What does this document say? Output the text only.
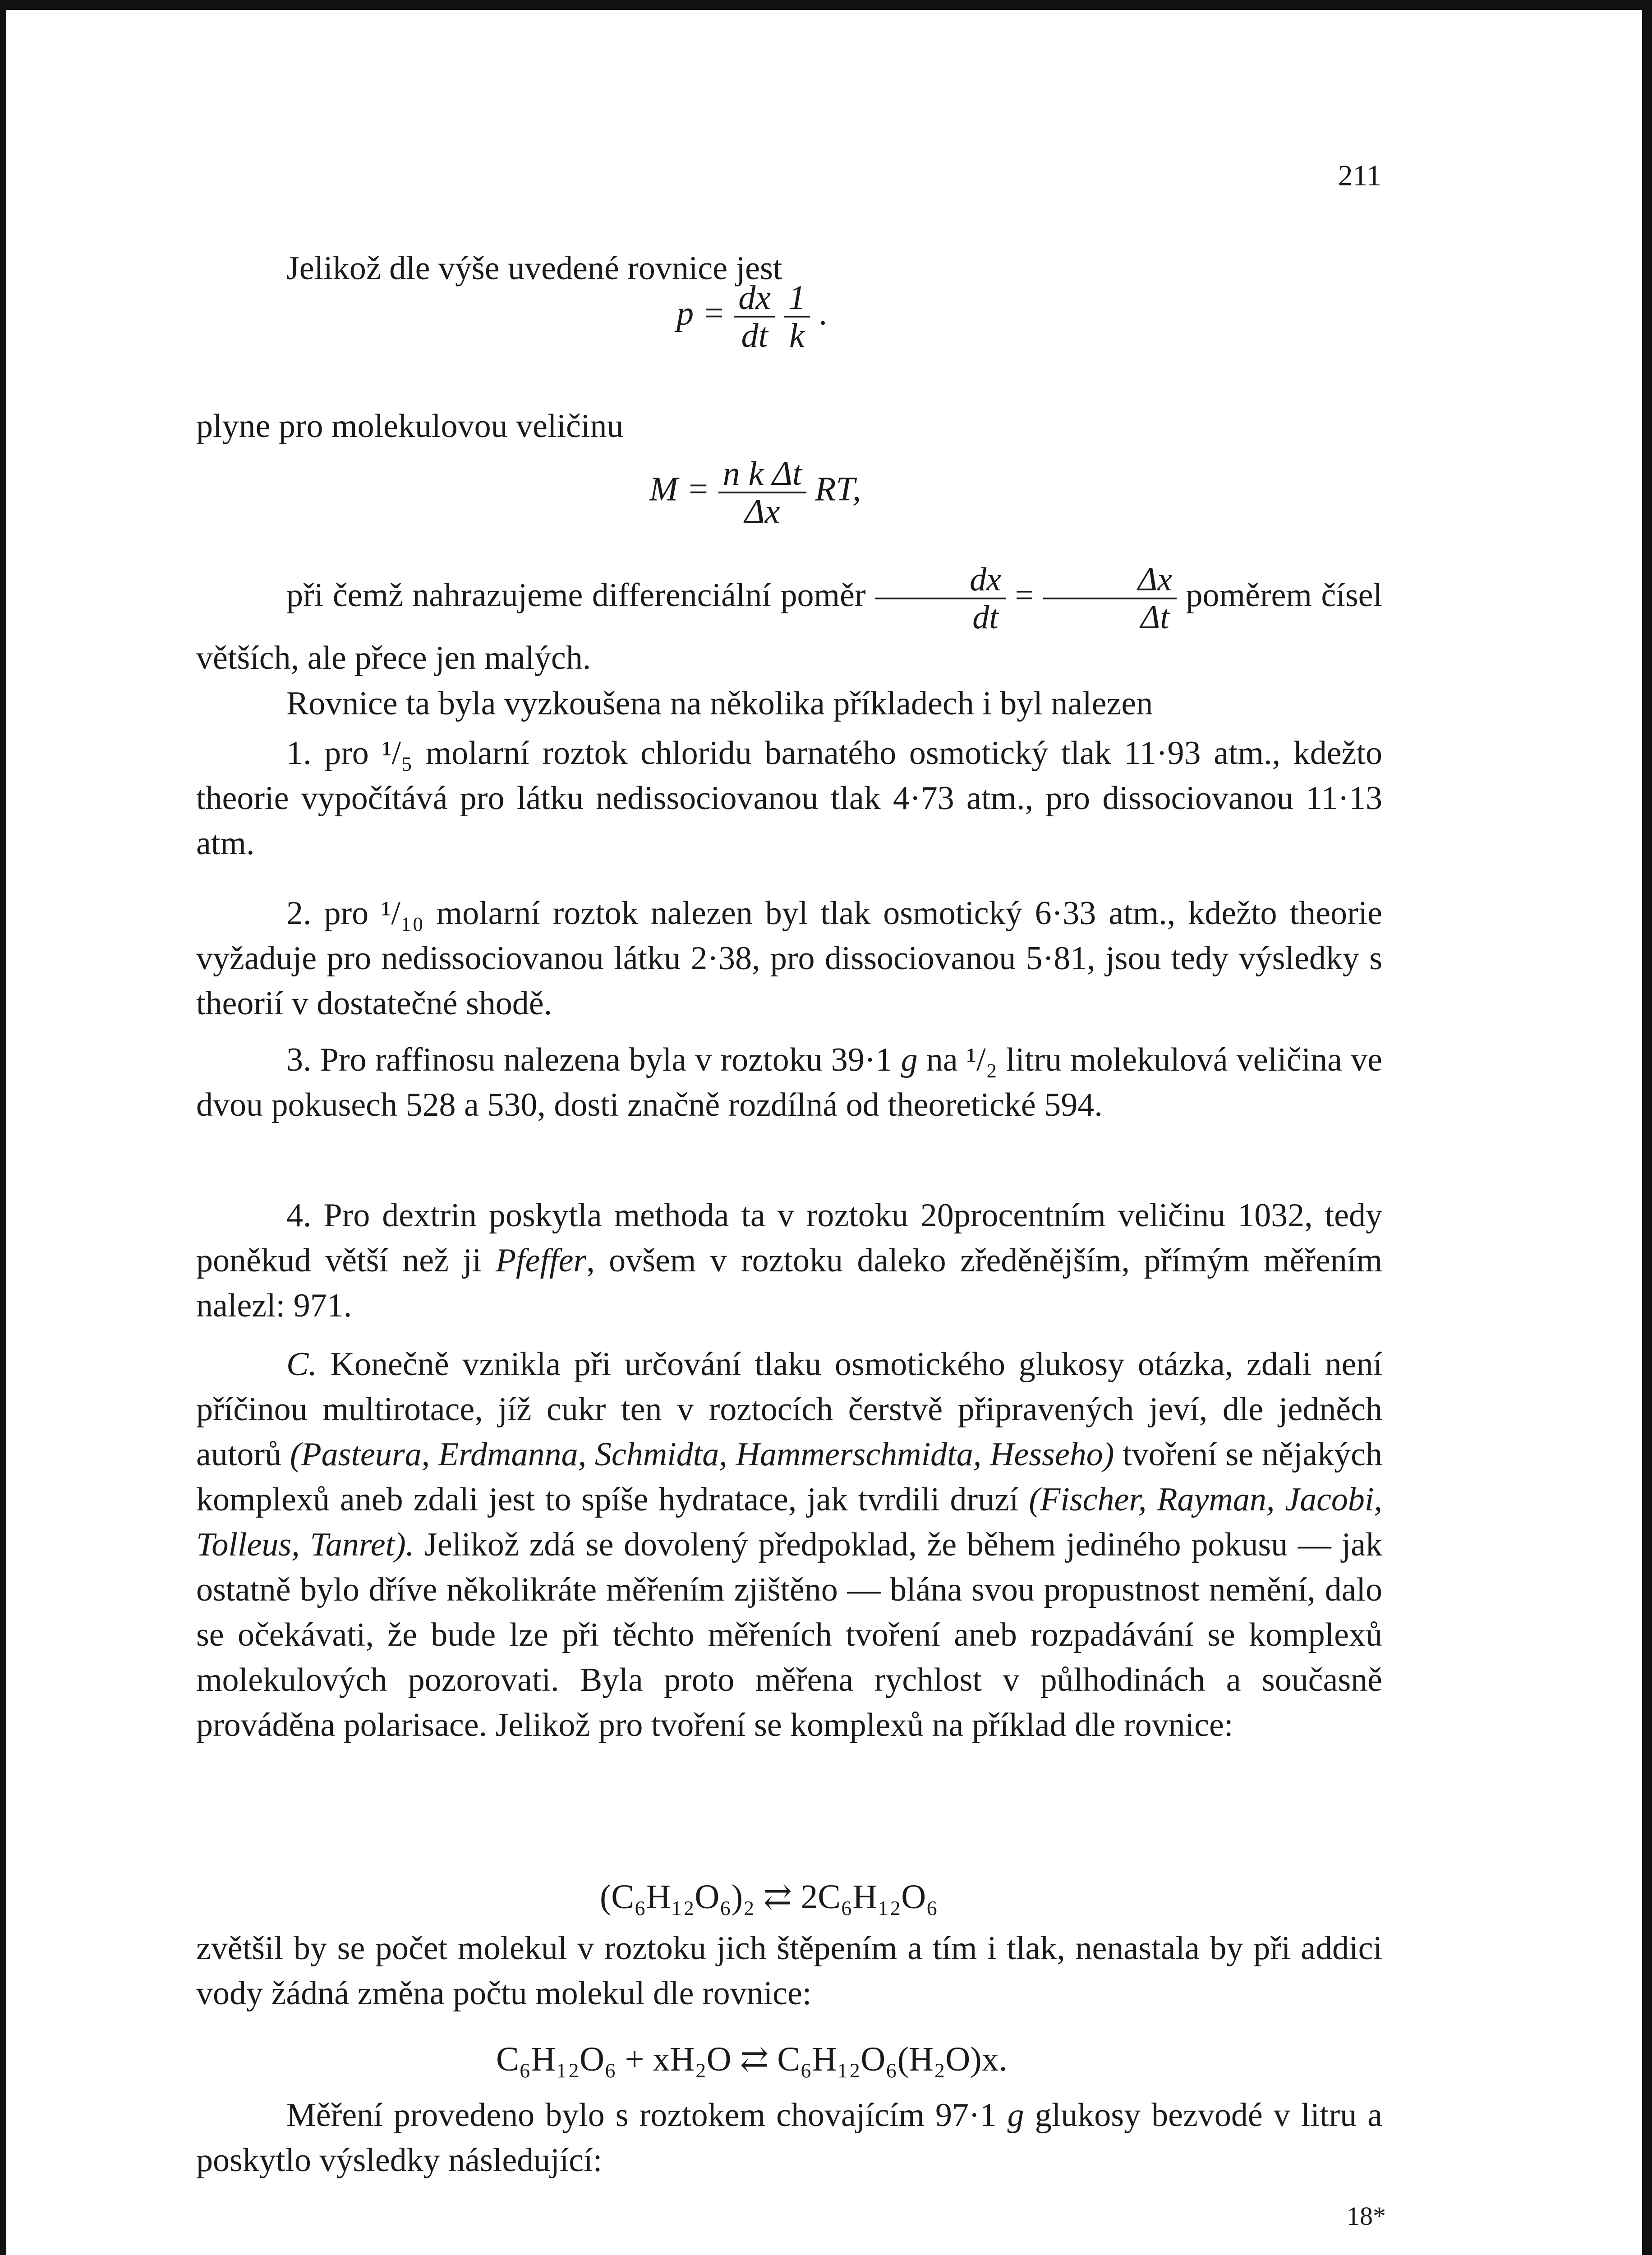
211
Jelikož dle výše uvedené rovnice jest
$p = \frac{dx}{dt}$
$\frac{1}{k}$ .
plyne pro molekulovou veličinu
$M = \frac{\text{n k Δt}}{\Delta x}$ RT,
při čemž nahrazujeme differenciální poměr $\frac{dx}{dt} = \frac{\Delta x}{\Delta t}$ poměrem čísel větších, ale přece jen malých.
Rovnice ta byla vyzkoušena na několika příkladech i byl nalezen
1. pro ¹/₅ molarní roztok chloridu barnatého osmotický tlak 11·93 atm., kdežto theorie vypočítává pro látku nedissociovanou tlak 4·73 atm., pro dissociovanou 11·13 atm.
2. pro ¹/₁₀ molarní roztok nalezen byl tlak osmotický 6·33 atm., kdežto theorie vyžaduje pro nedissociovanou látku 2·38, pro dissociovanou 5·81, jsou tedy výsledky s theorií v dostatečné shodě.
3. Pro raffinosu nalezena byla v roztoku 39·1 g na ¹/₂ litru molekulová veličina ve dvou pokusech 528 a 530, dosti značně rozdílná od theoretické 594.
4. Pro dextrin poskytla methoda ta v roztoku 20procentním veličinu 1032, tedy poněkud větší než ji Pfeffer, ovšem v roztoku daleko zředěnějším, přímým měřením nalezl: 971.
C. Konečně vznikla při určování tlaku osmotického glukosy otázka, zdali není příčinou multirotace, jíž cukr ten v roztocích čerstvě připravených jeví, dle jedněch autorů (Pasteura, Erdmanna, Schmidta, Hammerschmidta, Hesseho) tvoření se nějakých komplexů aneb zdali jest to spíše hydratace, jak tvrdili druzí (Fischer, Rayman, Jacobi, Tolleus, Tanret). Jelikož zdá se dovolený předpoklad, že během jediného pokusu — jak ostatně bylo dříve několikráte měřením zjištěno — blána svou propustnost nemění, dalo se očekávati, že bude lze při těchto měřeních tvoření aneb rozpadávání se komplexů molekulových pozorovati. Byla proto měřena rychlost v půlhodinách a současně prováděna polarisace. Jelikož pro tvoření se komplexů na příklad dle rovnice:
(C₆H₁₂O₆)₂ ⇄ 2C₆H₁₂O₆
zvětšil by se počet molekul v roztoku jich štěpením a tím i tlak, nenastala by při addici vody žádná změna počtu molekul dle rovnice:
C₆H₁₂O₆ + xH₂O ⇄ C₆H₁₂O₆(H₂O)x.
Měření provedeno bylo s roztokem chovajícím 97·1 g glukosy bezvodé v litru a poskytlo výsledky následující:
18*
